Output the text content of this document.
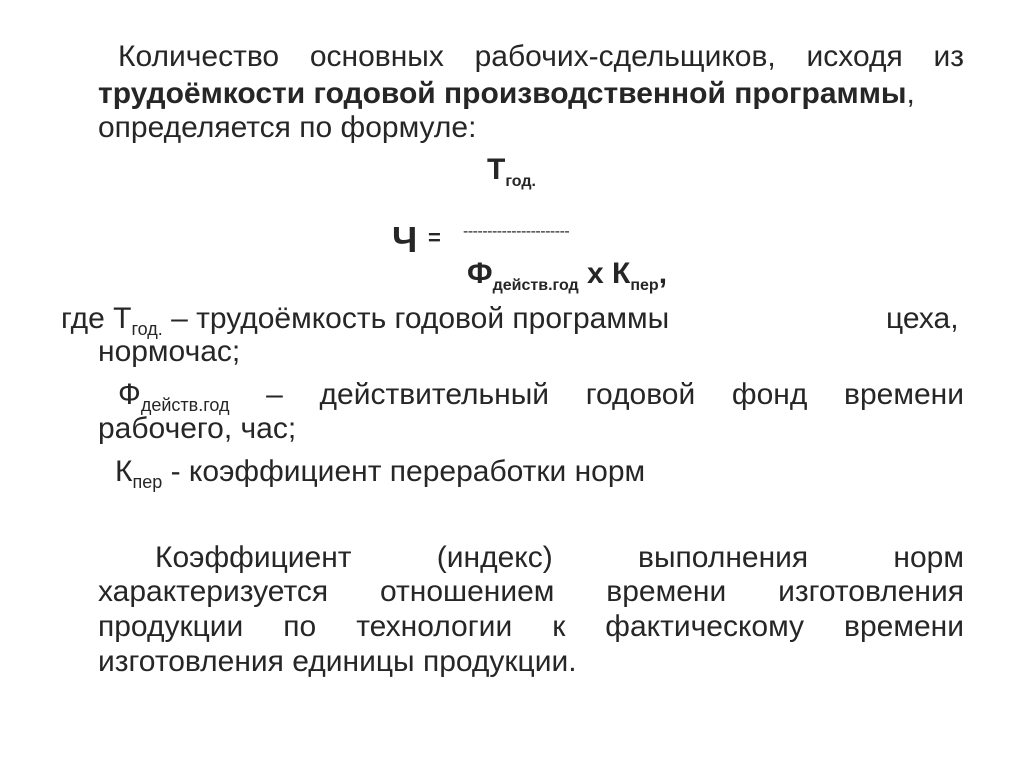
Количество основных рабочих-сдельщиков, исходя из
трудоёмкости годовой производственной программы,
определяется по формуле:
$Т_{год.}$
Ч = ----------------------
$Ф_{действ.год}$ х $К_{пер}$,
где $Т_{год.}$ – трудоёмкость годовой программы	цеха,
нормочас;
$Ф_{действ.год}$ – действительный годовой фонд времени
рабочего, час;
$К_{пер}$ - коэффициент переработки норм
Коэффициент (индекс) выполнения норм
характеризуется отношением времени изготовления
продукции по технологии к фактическому времени
изготовления единицы продукции.
